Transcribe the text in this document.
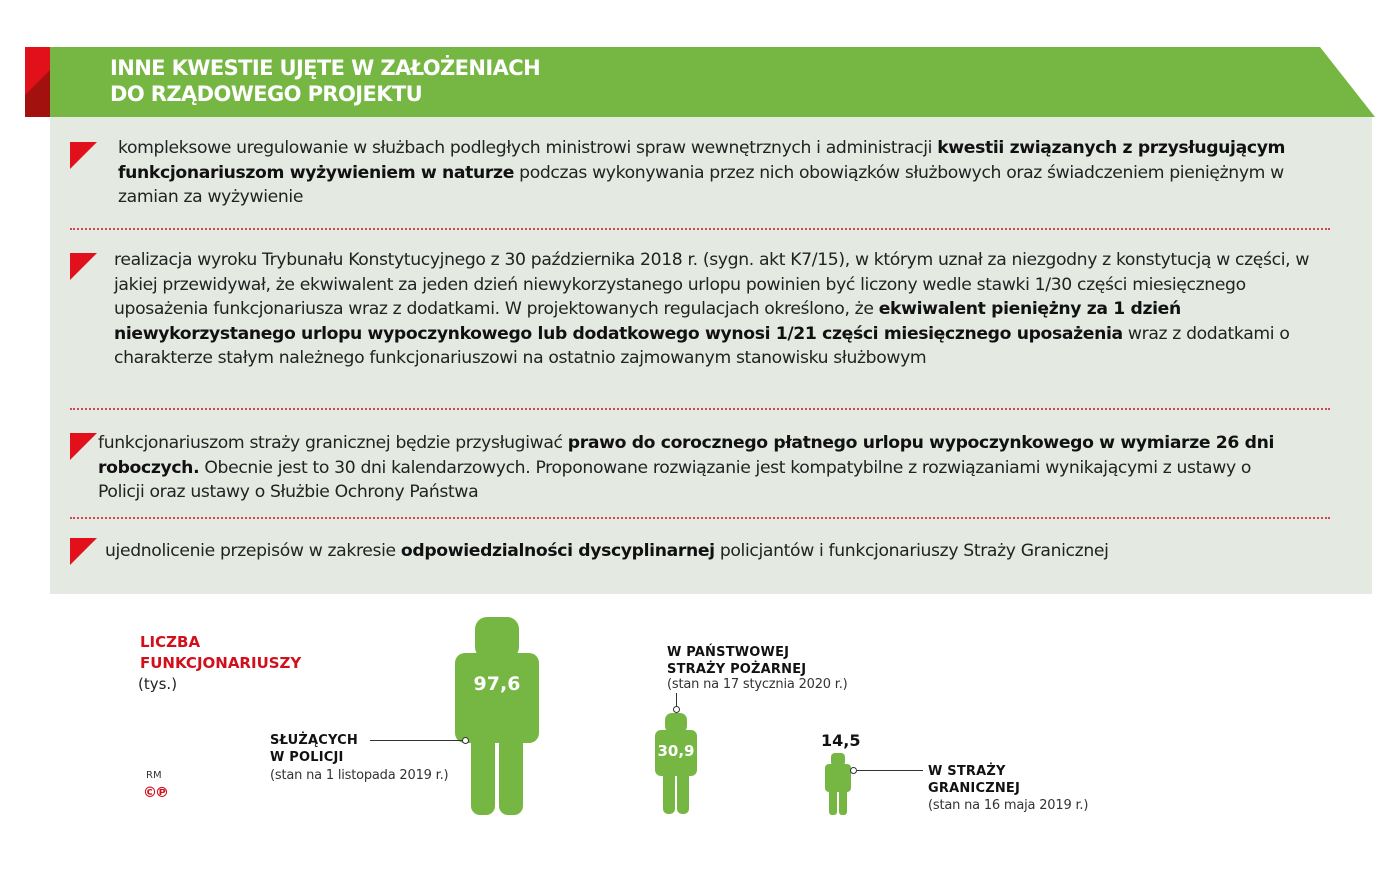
INNE KWESTIE UJĘTE W ZAŁOŻENIACH
DO RZĄDOWEGO PROJEKTU
kompleksowe uregulowanie w służbach podległych ministrowi spraw wewnętrznych i administracji kwestii związanych z przysługującym funkcjonariuszom wyżywieniem w naturze podczas wykonywania przez nich obowiązków służbowych oraz świadczeniem pieniężnym w zamian za wyżywienie
realizacja wyroku Trybunału Konstytucyjnego z 30 października 2018 r. (sygn. akt K7/15), w którym uznał za niezgodny z konstytucją w części, w jakiej przewidywał, że ekwiwalent za jeden dzień niewykorzystanego urlopu powinien być liczony wedle stawki 1/30 części miesięcznego uposażenia funkcjonariusza wraz z dodatkami. W projektowanych regulacjach określono, że ekwiwalent pieniężny za 1 dzień niewykorzystanego urlopu wypoczynkowego lub dodatkowego wynosi 1/21 części miesięcznego uposażenia wraz z dodatkami o charakterze stałym należnego funkcjonariuszowi na ostatnio zajmowanym stanowisku służbowym
funkcjonariuszom straży granicznej będzie przysługiwać prawo do corocznego płatnego urlopu wypoczynkowego w wymiarze 26 dni roboczych. Obecnie jest to 30 dni kalendarzowych. Proponowane rozwiązanie jest kompatybilne z rozwiązaniami wynikającymi z ustawy o Policji oraz ustawy o Służbie Ochrony Państwa
ujednolicenie przepisów w zakresie odpowiedzialności dyscyplinarnej policjantów i funkcjonariuszy Straży Granicznej
LICZBA
FUNKCJONARIUSZY
(tys.)
RM
©℗
97,6
SŁUŻĄCYCH
W POLICJI
(stan na 1 listopada 2019 r.)
W PAŃSTWOWEJ
STRAŻY POŻARNEJ
(stan na 17 stycznia 2020 r.)
30,9
14,5
W STRAŻY
GRANICZNEJ
(stan na 16 maja 2019 r.)
